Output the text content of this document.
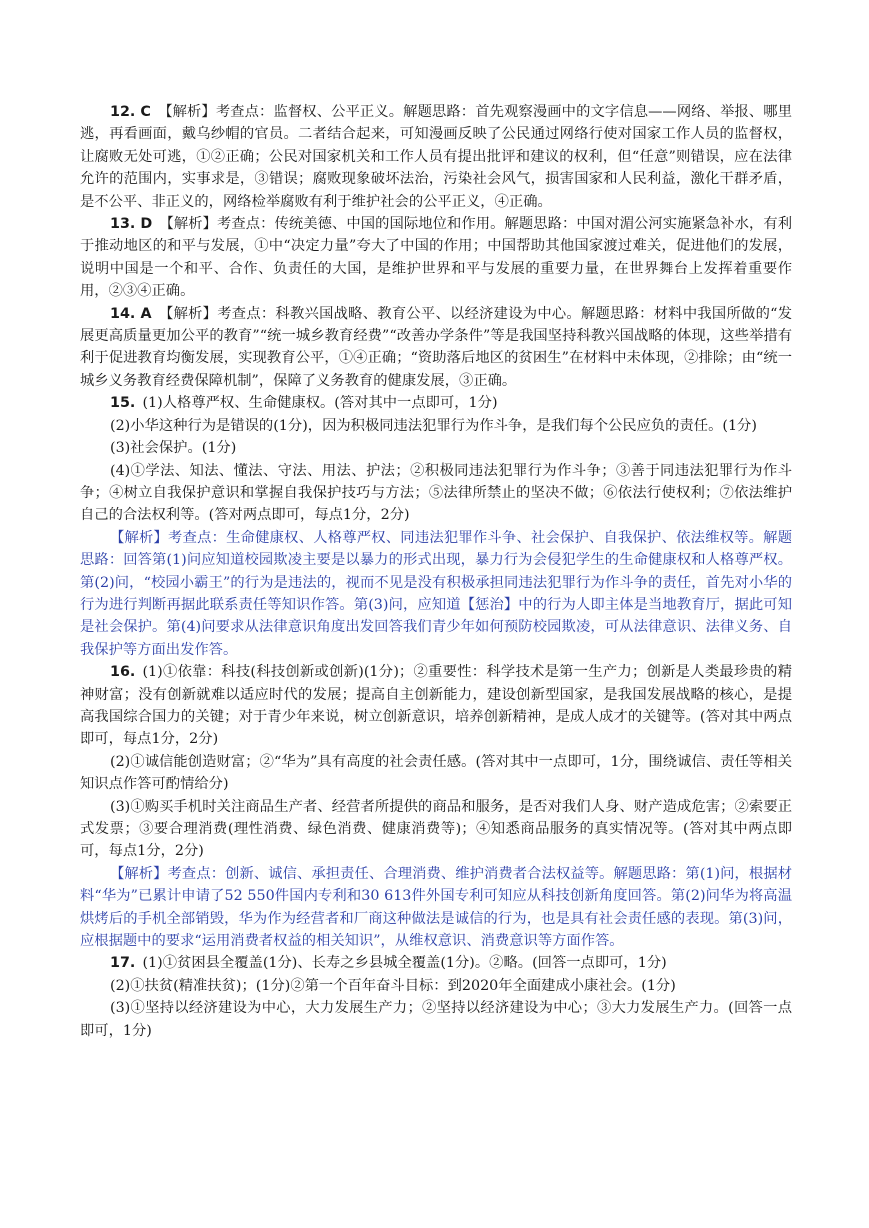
12. C  【解析】考查点：监督权、公平正义。解题思路：首先观察漫画中的文字信息——网络、举报、哪里逃，再看画面，戴乌纱帽的官员。二者结合起来，可知漫画反映了公民通过网络行使对国家工作人员的监督权，让腐败无处可逃，①②正确；公民对国家机关和工作人员有提出批评和建议的权利，但“任意”则错误，应在法律允许的范围内，实事求是，③错误；腐败现象破坏法治，污染社会风气，损害国家和人民利益，激化干群矛盾，是不公平、非正义的，网络检举腐败有利于维护社会的公平正义，④正确。

13. D  【解析】考查点：传统美德、中国的国际地位和作用。解题思路：中国对湄公河实施紧急补水，有利于推动地区的和平与发展，①中“决定力量”夸大了中国的作用；中国帮助其他国家渡过难关，促进他们的发展，说明中国是一个和平、合作、负责任的大国，是维护世界和平与发展的重要力量，在世界舞台上发挥着重要作用，②③④正确。

14. A  【解析】考查点：科教兴国战略、教育公平、以经济建设为中心。解题思路：材料中我国所做的“发展更高质量更加公平的教育”“统一城乡教育经费”“改善办学条件”等是我国坚持科教兴国战略的体现，这些举措有利于促进教育均衡发展，实现教育公平，①④正确；“资助落后地区的贫困生”在材料中未体现，②排除；由“统一城乡义务教育经费保障机制”，保障了义务教育的健康发展，③正确。

15.  (1)人格尊严权、生命健康权。(答对其中一点即可，1分)

(2)小华这种行为是错误的(1分)，因为积极同违法犯罪行为作斗争，是我们每个公民应负的责任。(1分)

(3)社会保护。(1分)

(4)①学法、知法、懂法、守法、用法、护法；②积极同违法犯罪行为作斗争；③善于同违法犯罪行为作斗争；④树立自我保护意识和掌握自我保护技巧与方法；⑤法律所禁止的坚决不做；⑥依法行使权利；⑦依法维护自己的合法权利等。(答对两点即可，每点1分，2分)

【解析】考查点：生命健康权、人格尊严权、同违法犯罪作斗争、社会保护、自我保护、依法维权等。解题思路：回答第(1)问应知道校园欺凌主要是以暴力的形式出现，暴力行为会侵犯学生的生命健康权和人格尊严权。第(2)问，“校园小霸王”的行为是违法的，视而不见是没有积极承担同违法犯罪行为作斗争的责任，首先对小华的行为进行判断再据此联系责任等知识作答。第(3)问，应知道【惩治】中的行为人即主体是当地教育厅，据此可知是社会保护。第(4)问要求从法律意识角度出发回答我们青少年如何预防校园欺凌，可从法律意识、法律义务、自我保护等方面出发作答。

16.  (1)①依靠：科技(科技创新或创新)(1分)；②重要性：科学技术是第一生产力；创新是人类最珍贵的精神财富；没有创新就难以适应时代的发展；提高自主创新能力，建设创新型国家，是我国发展战略的核心，是提高我国综合国力的关键；对于青少年来说，树立创新意识，培养创新精神，是成人成才的关键等。(答对其中两点即可，每点1分，2分)

(2)①诚信能创造财富；②“华为”具有高度的社会责任感。(答对其中一点即可，1分，围绕诚信、责任等相关知识点作答可酌情给分)

(3)①购买手机时关注商品生产者、经营者所提供的商品和服务，是否对我们人身、财产造成危害；②索要正式发票；③要合理消费(理性消费、绿色消费、健康消费等)；④知悉商品服务的真实情况等。(答对其中两点即可，每点1分，2分)

【解析】考查点：创新、诚信、承担责任、合理消费、维护消费者合法权益等。解题思路：第(1)问，根据材料“华为”已累计申请了52 550件国内专利和30 613件外国专利可知应从科技创新角度回答。第(2)问华为将高温烘烤后的手机全部销毁，华为作为经营者和厂商这种做法是诚信的行为，也是具有社会责任感的表现。第(3)问，应根据题中的要求“运用消费者权益的相关知识”，从维权意识、消费意识等方面作答。

17.  (1)①贫困县全覆盖(1分)、长寿之乡县城全覆盖(1分)。②略。(回答一点即可，1分)

(2)①扶贫(精准扶贫)；(1分)②第一个百年奋斗目标：到2020年全面建成小康社会。(1分)

(3)①坚持以经济建设为中心，大力发展生产力；②坚持以经济建设为中心；③大力发展生产力。(回答一点即可，1分)
